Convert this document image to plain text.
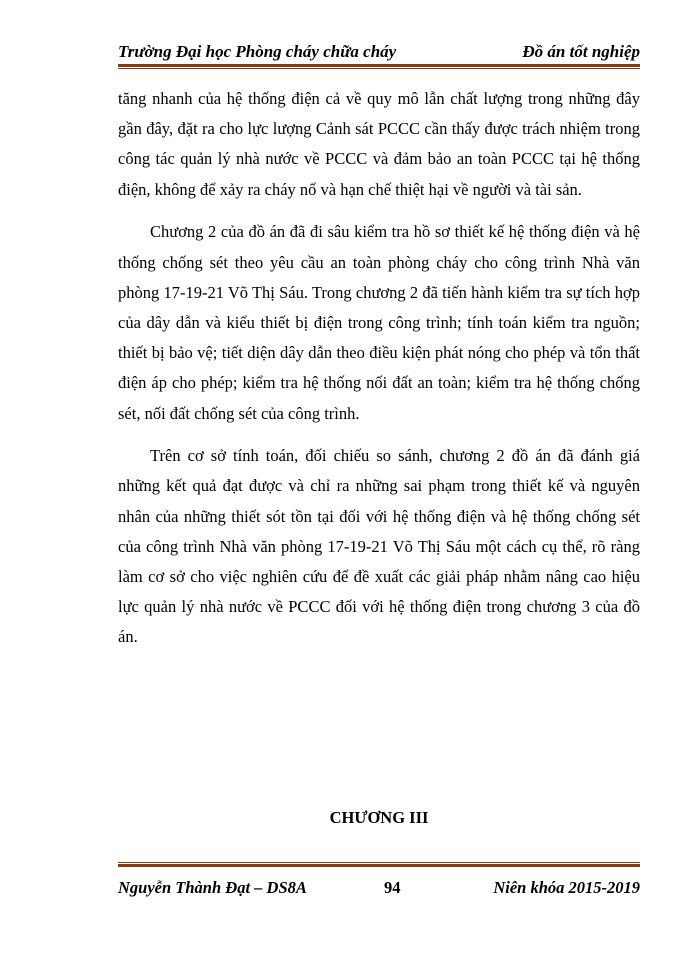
Trường Đại học Phòng cháy chữa cháy	Đồ án tốt nghiệp

tăng nhanh của hệ thống điện cả về quy mô lẫn chất lượng trong những đây gần đây, đặt ra cho lực lượng Cảnh sát PCCC cần thấy được trách nhiệm trong công tác quản lý nhà nước về PCCC và đảm bảo an toàn PCCC tại hệ thống điện, không để xảy ra cháy nổ và hạn chế thiệt hại về người và tài sản.

Chương 2 của đồ án đã đi sâu kiểm tra hồ sơ thiết kế hệ thống điện và hệ thống chống sét theo yêu cầu an toàn phòng cháy cho công trình Nhà văn phòng 17-19-21 Võ Thị Sáu. Trong chương 2 đã tiến hành kiểm tra sự tích hợp của dây dẫn và kiểu thiết bị điện trong công trình; tính toán kiểm tra nguồn; thiết bị bảo vệ; tiết diện dây dẫn theo điều kiện phát nóng cho phép và tổn thất điện áp cho phép; kiểm tra hệ thống nối đất an toàn; kiểm tra hệ thống chống sét, nối đất chống sét của công trình.

Trên cơ sở tính toán, đối chiếu so sánh, chương 2 đồ án đã đánh giá những kết quả đạt được và chỉ ra những sai phạm trong thiết kế và nguyên nhân của những thiết sót tồn tại đối với hệ thống điện và hệ thống chống sét của công trình Nhà văn phòng 17-19-21 Võ Thị Sáu một cách cụ thể, rõ ràng làm cơ sở cho việc nghiên cứu để đề xuất các giải pháp nhằm nâng cao hiệu lực quản lý nhà nước về PCCC đối với hệ thống điện trong chương 3 của đồ án.

CHƯƠNG III
Nguyễn Thành Đạt – DS8A	94	Niên khóa 2015-2019
